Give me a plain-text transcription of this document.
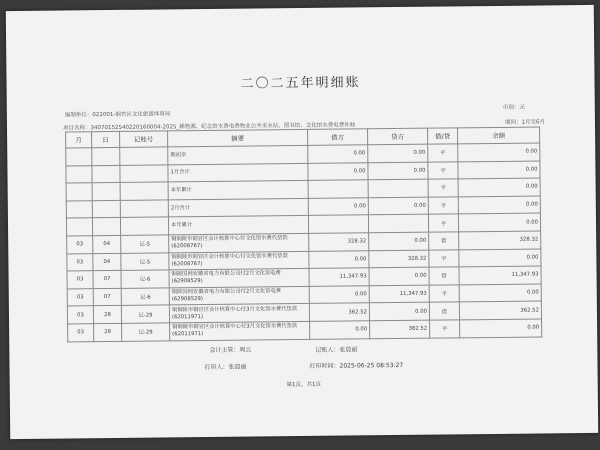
二〇二五年明细账
编制单位：022001-铜官区文化旅游体育局
币别：元
项目名称：34070152540220160004-2025_稀物源、纪念馆水费电费物业公共采水站、图书馆、文化馆水费电费补助	期间：1月至6月
月	日	记账号	摘要	借方	贷方	借/贷	余额
			期初余	0.00	0.00	平	0.00
			1月合计	0.00	0.00	平	0.00
			本年累计			平	0.00
			2月合计	0.00	0.00	平	0.00
			本年累计			平	0.00
03	04	记-5	铜铜陵市铜官区会计核算中心付文化馆水费代垫款(62008767)	328.32	0.00	借	328.32
03	04	记-5	铜铜陵市铜官区会计核算中心付文化馆水费代垫款(62008767)	0.00	328.32	平	0.00
03	07	记-6	铜陵国网安徽省电力有限公司付2月文化馆电费(62908529)	11,347.93	0.00	借	11,347.93
03	07	记-6	铜陵国网安徽省电力有限公司付2月文化馆电费(62908529)	0.00	11,347.93	平	0.00
03	28	记-29	铜铜陵市铜官区会计核算中心付3月文化馆水费代垫款(62011971)	362.52	0.00	借	362.52
03	28	记-29	铜铜陵市铜官区会计核算中心付3月文化馆水费代垫款(62011971)	0.00	362.52	平	0.00
会计主管：周云	记账人：张晨丽
打印人：张晨丽	打印时间：2025-06-25 08:53:27
第1页，共1页
